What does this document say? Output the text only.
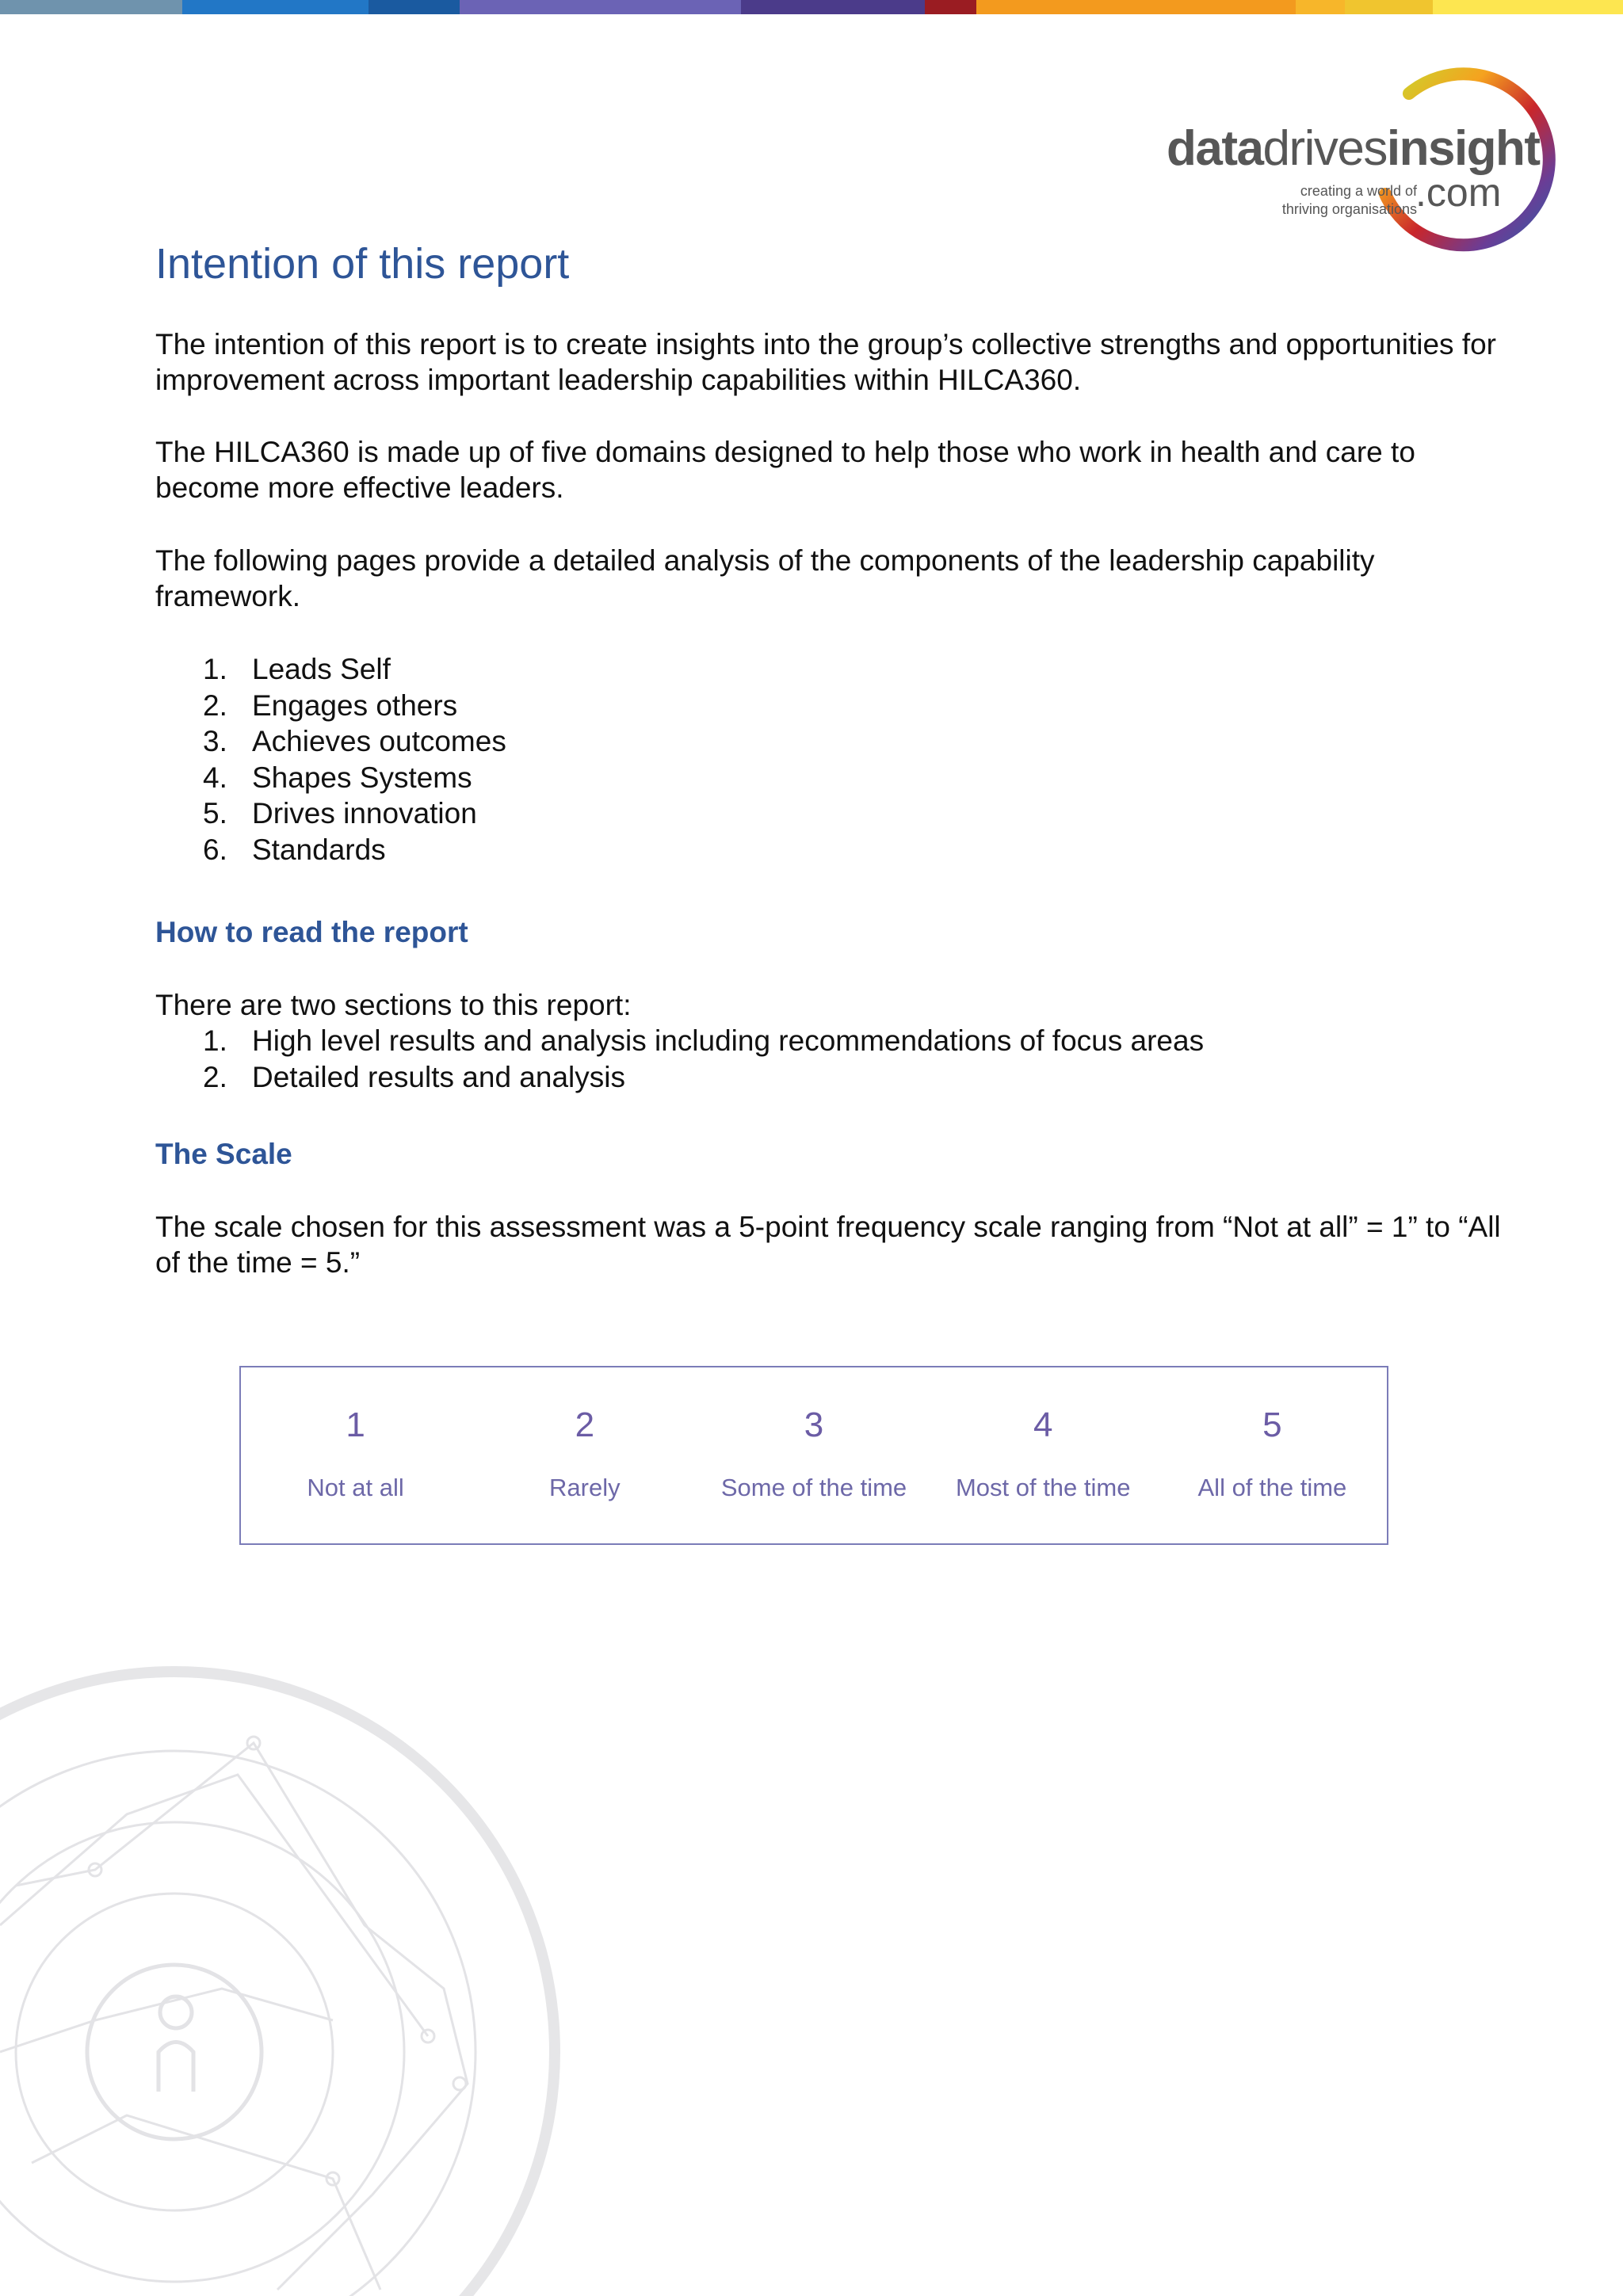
datadrivesinsight
.com
creating a world of
thriving organisations
Intention of this report

The intention of this report is to create insights into the group’s collective strengths and opportunities for improvement across important leadership capabilities within HILCA360.

The HILCA360 is made up of five domains designed to help those who work in health and care to become more effective leaders.

The following pages provide a detailed analysis of the components of the leadership capability framework.

1. Leads Self
2. Engages others
3. Achieves outcomes
4. Shapes Systems
5. Drives innovation
6. Standards
How to read the report

There are two sections to this report:

1. High level results and analysis including recommendations of focus areas
2. Detailed results and analysis
The Scale

The scale chosen for this assessment was a 5-point frequency scale ranging from “Not at all” = 1” to “All of the time = 5.”

1
Not at all
2
Rarely
3
Some of the time
4
Most of the time
5
All of the time
